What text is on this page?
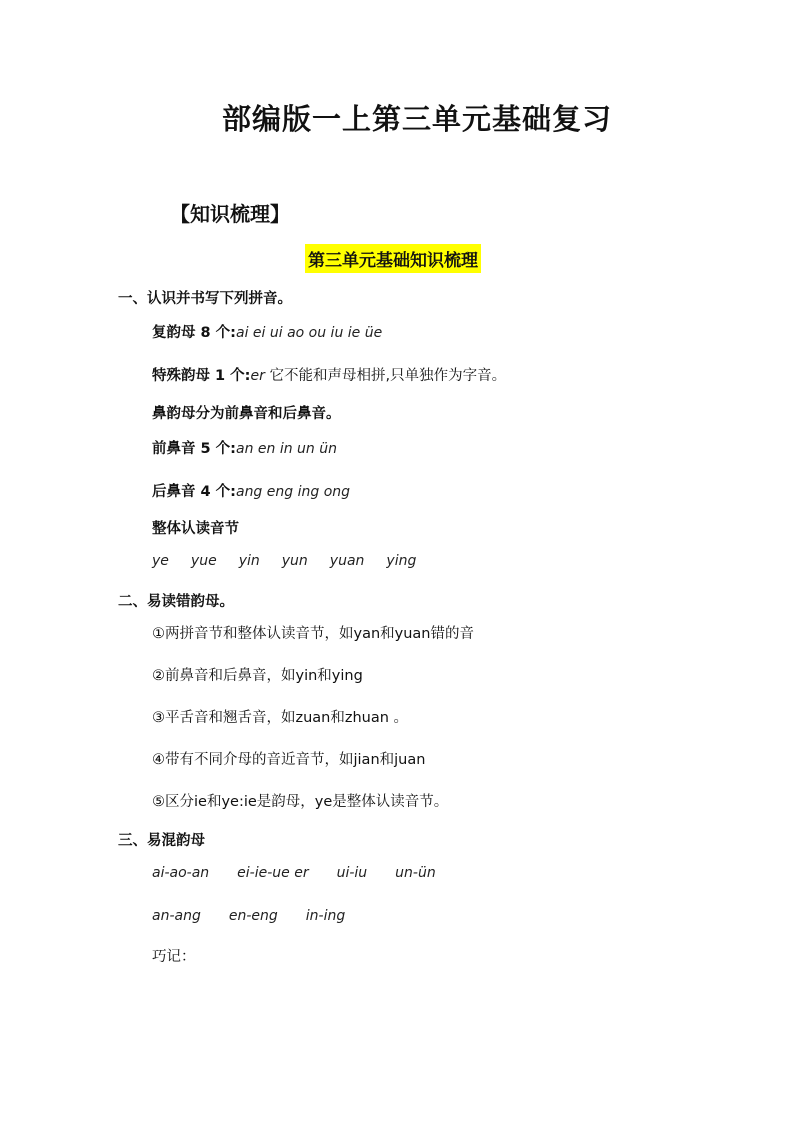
部编版一上第三单元基础复习
【知识梳理】
第三单元基础知识梳理
一、认识并书写下列拼音。
复韵母 8 个:ai ei ui ao ou iu ie üe
特殊韵母 1 个:er 它不能和声母相拼,只单独作为字音。
鼻韵母分为前鼻音和后鼻音。
前鼻音 5 个:an en in un ün
后鼻音 4 个:ang eng ing ong
整体认读音节
ye yue yin yun yuan ying
二、易读错韵母。
①两拼音节和整体认读音节，如yan和yuan错的音
②前鼻音和后鼻音，如yin和ying
③平舌音和翘舌音，如zuan和zhuan 。
④带有不同介母的音近音节，如jian和juan
⑤区分ie和ye:ie是韵母，ye是整体认读音节。
三、易混韵母
ai-ao-an ei-ie-ue er ui-iu un-ün
an-ang en-eng in-ing
巧记：
